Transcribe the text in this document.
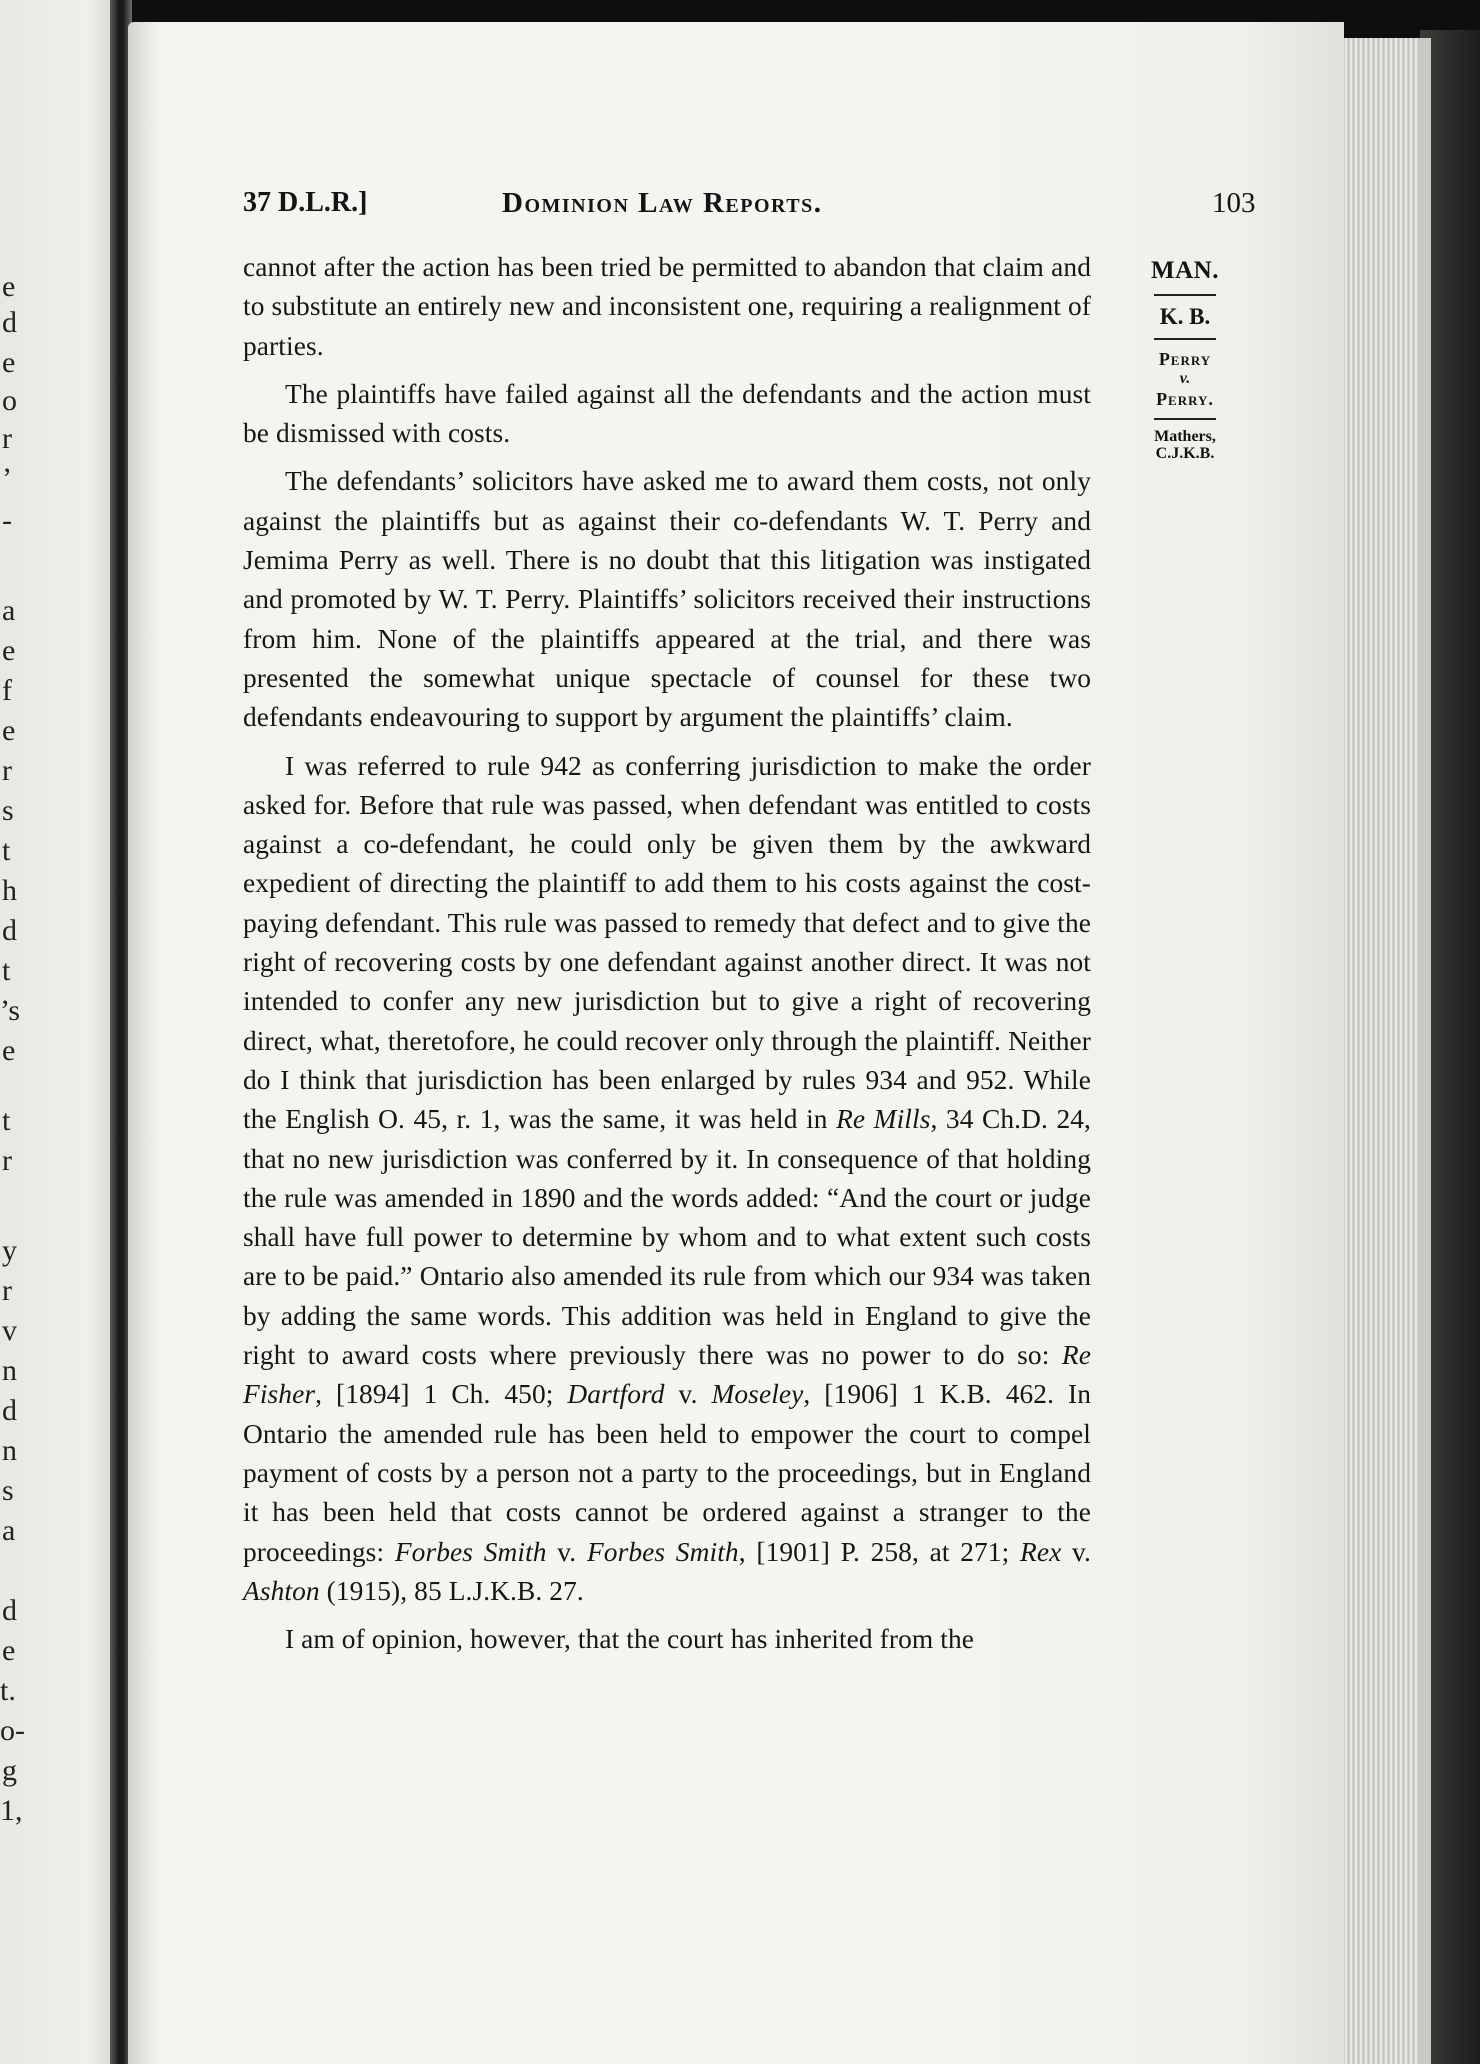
e
d
e
o
r
’
-
a
e
f
e
r
s
t
h
d
t
’s
e
t
r
y
r
v
n
d
n
s
a
d
e
t.
o-
g
1,
37 D.L.R.]	Dominion Law Reports.	103

cannot after the action has been tried be permitted to abandon that claim and to substitute an entirely new and inconsistent one, requiring a realignment of parties.

The plaintiffs have failed against all the defendants and the action must be dismissed with costs.

The defendants’ solicitors have asked me to award them costs, not only against the plaintiffs but as against their co-defendants W. T. Perry and Jemima Perry as well. There is no doubt that this litigation was instigated and promoted by W. T. Perry. Plaintiffs’ solicitors received their instructions from him. None of the plaintiffs appeared at the trial, and there was presented the somewhat unique spectacle of counsel for these two defendants endeavouring to support by argument the plaintiffs’ claim.

I was referred to rule 942 as conferring jurisdiction to make the order asked for. Before that rule was passed, when defendant was entitled to costs against a co-defendant, he could only be given them by the awkward expedient of directing the plaintiff to add them to his costs against the cost-paying defendant. This rule was passed to remedy that defect and to give the right of recovering costs by one defendant against another direct. It was not intended to confer any new jurisdiction but to give a right of recovering direct, what, theretofore, he could recover only through the plaintiff. Neither do I think that jurisdiction has been enlarged by rules 934 and 952. While the English O. 45, r. 1, was the same, it was held in Re Mills, 34 Ch.D. 24, that no new jurisdiction was conferred by it. In consequence of that holding the rule was amended in 1890 and the words added: “And the court or judge shall have full power to determine by whom and to what extent such costs are to be paid.” Ontario also amended its rule from which our 934 was taken by adding the same words. This addition was held in England to give the right to award costs where previously there was no power to do so: Re Fisher, [1894] 1 Ch. 450; Dartford v. Moseley, [1906] 1 K.B. 462. In Ontario the amended rule has been held to empower the court to compel payment of costs by a person not a party to the proceedings, but in England it has been held that costs cannot be ordered against a stranger to the proceedings: Forbes Smith v. Forbes Smith, [1901] P. 258, at 271; Rex v. Ashton (1915), 85 L.J.K.B. 27.

I am of opinion, however, that the court has inherited from the

MAN.
K. B.
Perry
v.
Perry.
Mathers,
C.J.K.B.
